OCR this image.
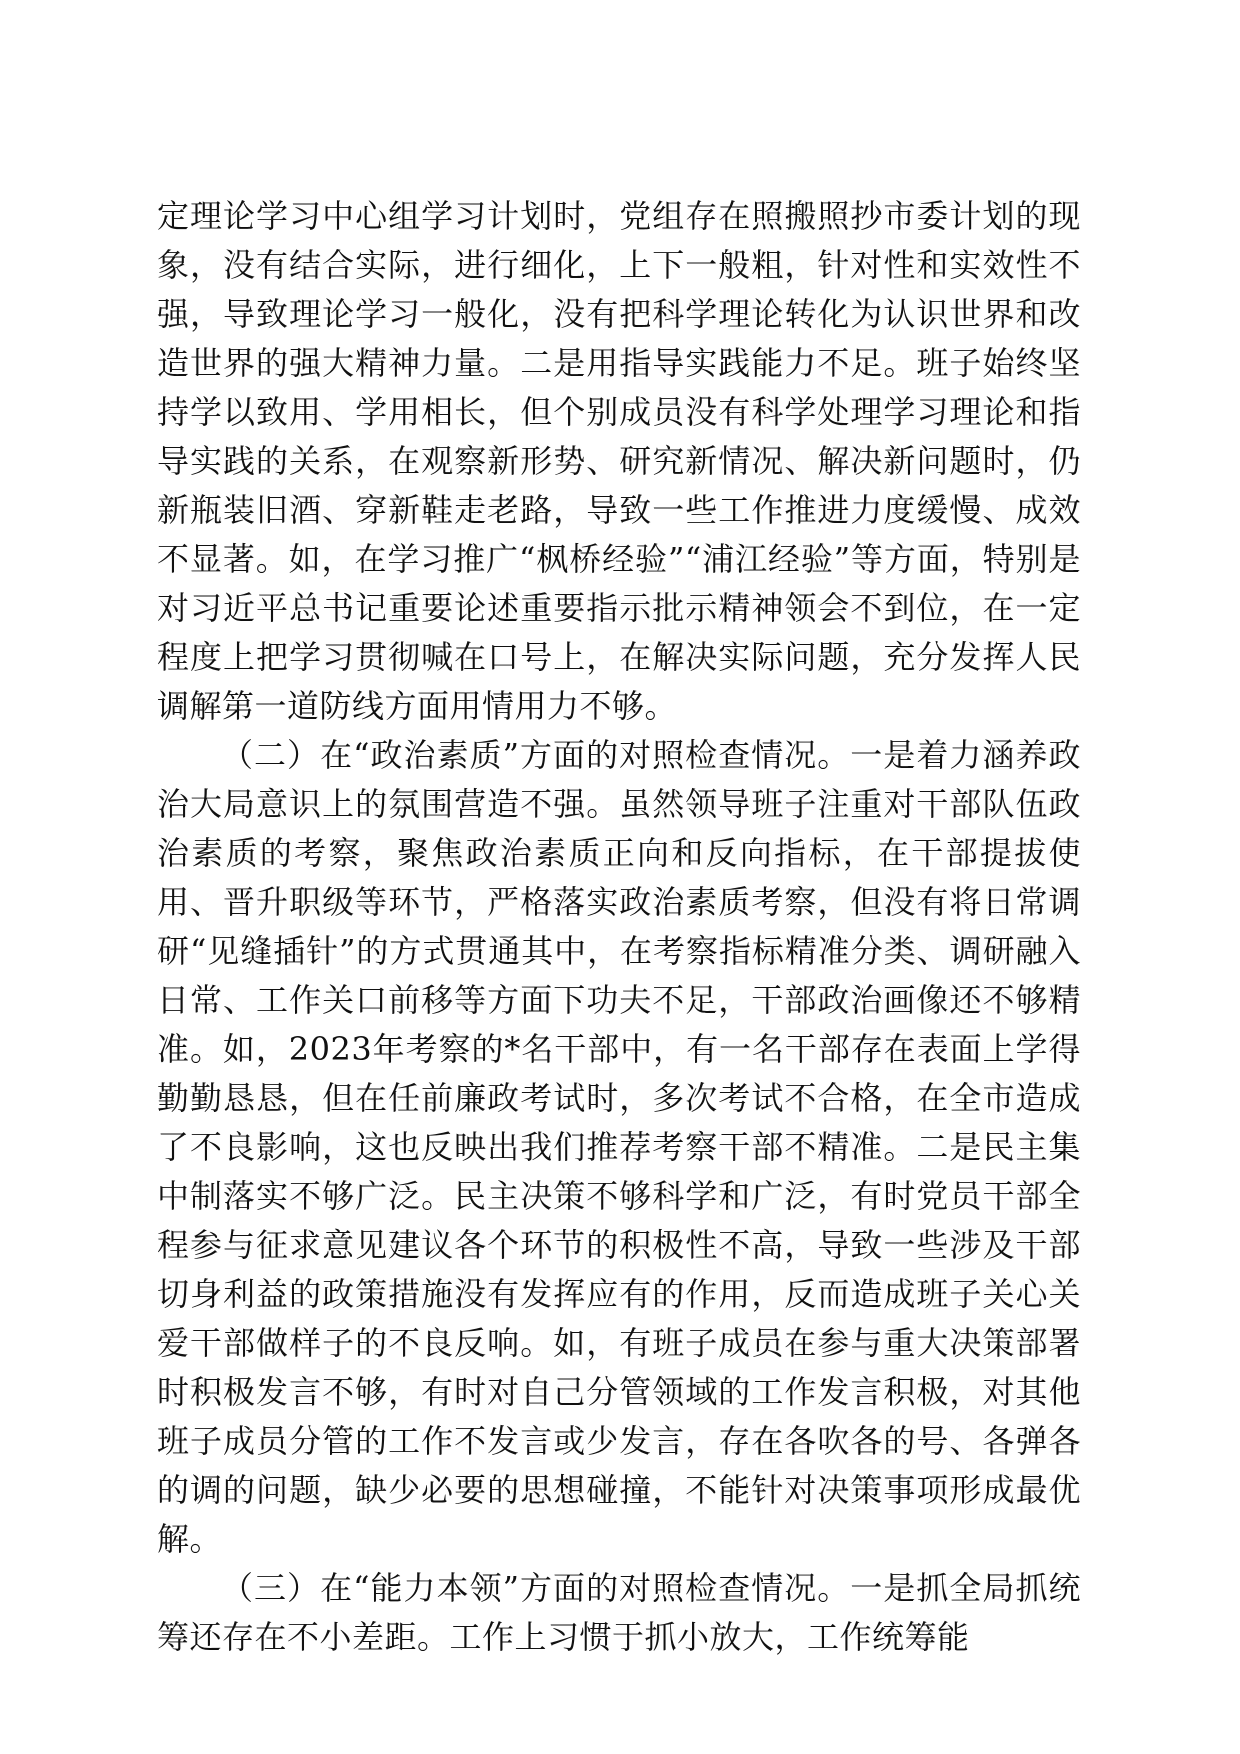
定理论学习中心组学习计划时，党组存在照搬照抄市委计划的现象，没有结合实际，进行细化，上下一般粗，针对性和实效性不强，导致理论学习一般化，没有把科学理论转化为认识世界和改造世界的强大精神力量。二是用指导实践能力不足。班子始终坚持学以致用、学用相长，但个别成员没有科学处理学习理论和指导实践的关系，在观察新形势、研究新情况、解决新问题时，仍新瓶装旧酒、穿新鞋走老路，导致一些工作推进力度缓慢、成效不显著。如，在学习推广“枫桥经验”“浦江经验”等方面，特别是对习近平总书记重要论述重要指示批示精神领会不到位，在一定程度上把学习贯彻喊在口号上，在解决实际问题，充分发挥人民调解第一道防线方面用情用力不够。

（二）在“政治素质”方面的对照检查情况。一是着力涵养政治大局意识上的氛围营造不强。虽然领导班子注重对干部队伍政治素质的考察，聚焦政治素质正向和反向指标，在干部提拔使用、晋升职级等环节，严格落实政治素质考察，但没有将日常调研“见缝插针”的方式贯通其中，在考察指标精准分类、调研融入日常、工作关口前移等方面下功夫不足，干部政治画像还不够精准。如，2023年考察的*名干部中，有一名干部存在表面上学得勤勤恳恳，但在任前廉政考试时，多次考试不合格，在全市造成了不良影响，这也反映出我们推荐考察干部不精准。二是民主集中制落实不够广泛。民主决策不够科学和广泛，有时党员干部全程参与征求意见建议各个环节的积极性不高，导致一些涉及干部切身利益的政策措施没有发挥应有的作用，反而造成班子关心关爱干部做样子的不良反响。如，有班子成员在参与重大决策部署时积极发言不够，有时对自己分管领域的工作发言积极，对其他班子成员分管的工作不发言或少发言，存在各吹各的号、各弹各的调的问题，缺少必要的思想碰撞，不能针对决策事项形成最优解。

（三）在“能力本领”方面的对照检查情况。一是抓全局抓统筹还存在不小差距。工作上习惯于抓小放大，工作统筹能
